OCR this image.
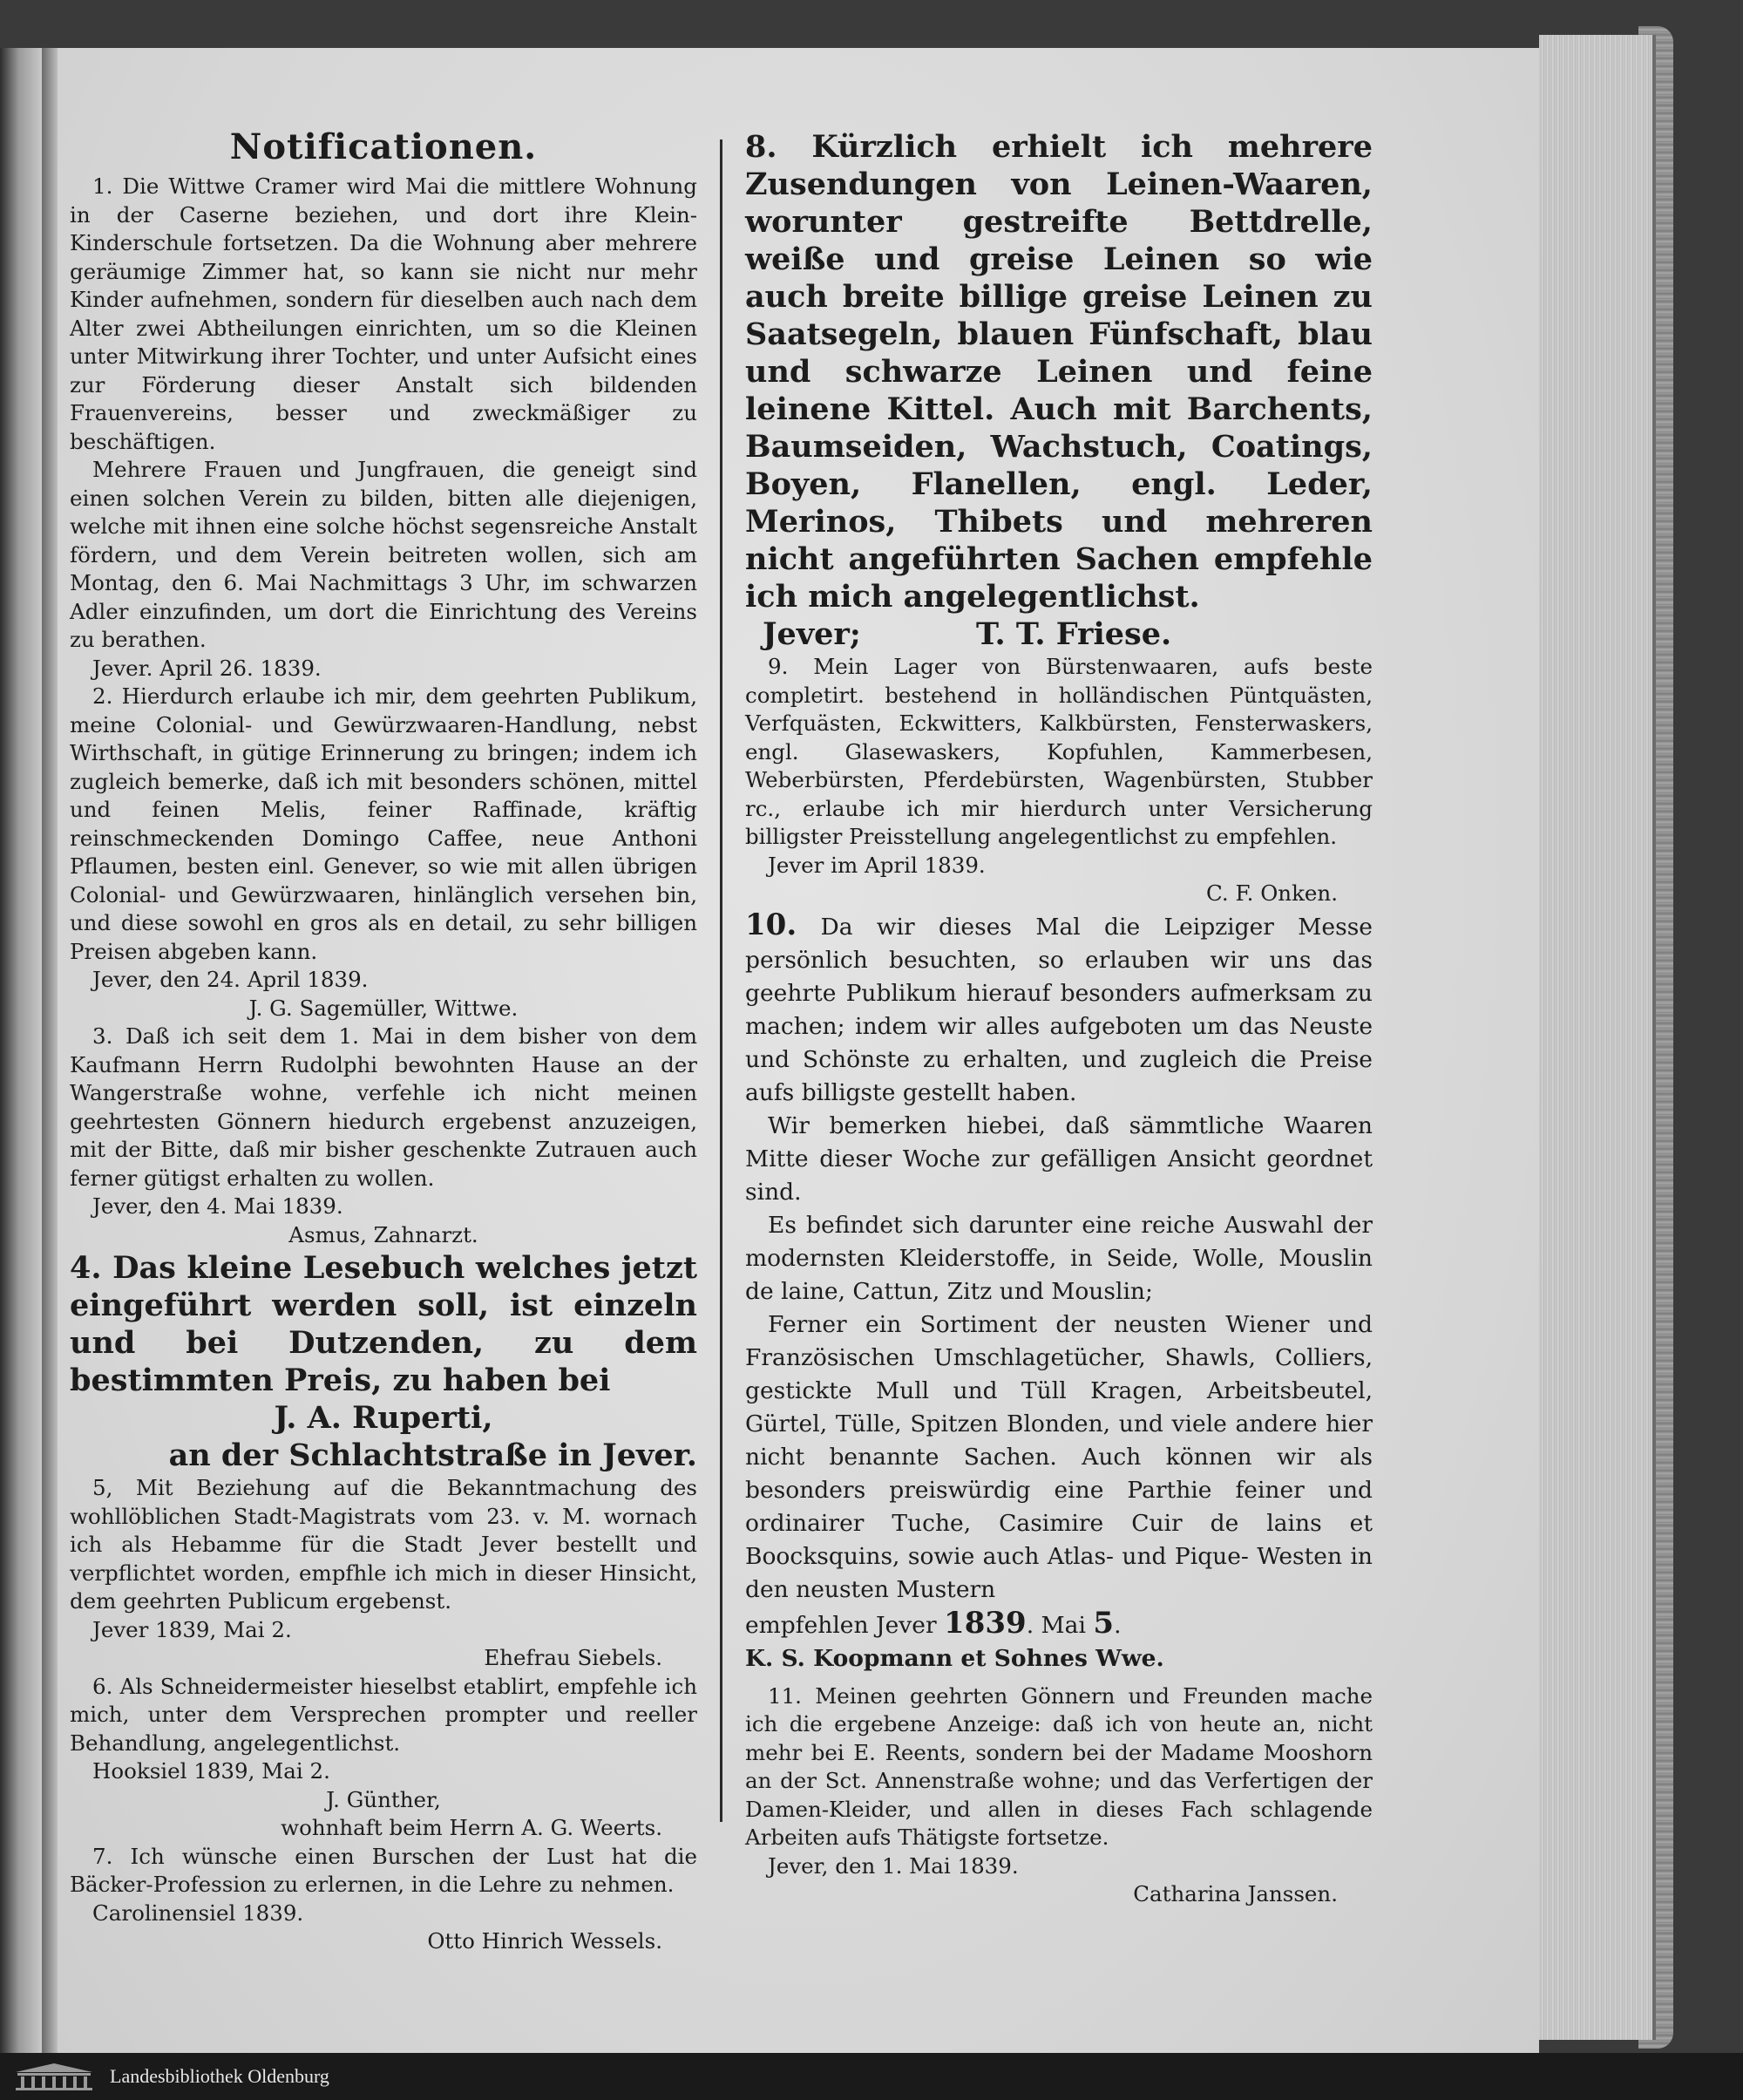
Notificationen.

1. Die Wittwe Cramer wird Mai die mittlere Wohnung in der Caserne beziehen, und dort ihre Klein-Kinderschule fortsetzen. Da die Wohnung aber mehrere geräumige Zimmer hat, so kann sie nicht nur mehr Kinder aufnehmen, sondern für dieselben auch nach dem Alter zwei Abtheilungen einrichten, um so die Kleinen unter Mitwirkung ihrer Tochter, und unter Aufsicht eines zur Förderung dieser Anstalt sich bildenden Frauenvereins, besser und zweckmäßiger zu beschäftigen.

Mehrere Frauen und Jungfrauen, die geneigt sind einen solchen Verein zu bilden, bitten alle diejenigen, welche mit ihnen eine solche höchst segensreiche Anstalt fördern, und dem Verein beitreten wollen, sich am Montag, den 6. Mai Nachmittags 3 Uhr, im schwarzen Adler einzufinden, um dort die Einrichtung des Vereins zu berathen.

Jever. April 26. 1839.

2. Hierdurch erlaube ich mir, dem geehrten Publikum, meine Colonial- und Gewürzwaaren-Handlung, nebst Wirthschaft, in gütige Erinnerung zu bringen; indem ich zugleich bemerke, daß ich mit besonders schönen, mittel und feinen Melis, feiner Raffinade, kräftig reinschmeckenden Domingo Caffee, neue Anthoni Pflaumen, besten einl. Genever, so wie mit allen übrigen Colonial- und Gewürzwaaren, hinlänglich versehen bin, und diese sowohl en gros als en detail, zu sehr billigen Preisen abgeben kann.

Jever, den 24. April 1839.

J. G. Sagemüller, Wittwe.

3. Daß ich seit dem 1. Mai in dem bisher von dem Kaufmann Herrn Rudolphi bewohnten Hause an der Wangerstraße wohne, verfehle ich nicht meinen geehrtesten Gönnern hiedurch ergebenst anzuzeigen, mit der Bitte, daß mir bisher geschenkte Zutrauen auch ferner gütigst erhalten zu wollen.

Jever, den 4. Mai 1839.

Asmus, Zahnarzt.

4. Das kleine Lesebuch welches jetzt eingeführt werden soll, ist einzeln und bei Dutzenden, zu dem bestimmten Preis, zu haben bei

J. A. Ruperti,

an der Schlachtstraße in Jever.

5, Mit Beziehung auf die Bekanntmachung des wohllöblichen Stadt-Magistrats vom 23. v. M. wornach ich als Hebamme für die Stadt Jever bestellt und verpflichtet worden, empfhle ich mich in dieser Hinsicht, dem geehrten Publicum ergebenst.

Jever 1839, Mai 2.

Ehefrau Siebels.

6. Als Schneidermeister hieselbst etablirt, empfehle ich mich, unter dem Versprechen prompter und reeller Behandlung, angelegentlichst.

Hooksiel 1839, Mai 2.

J. Günther,

wohnhaft beim Herrn A. G. Weerts.

7. Ich wünsche einen Burschen der Lust hat die Bäcker-Profession zu erlernen, in die Lehre zu nehmen.

Carolinensiel 1839.

Otto Hinrich Wessels.

8. Kürzlich erhielt ich mehrere Zusendungen von Leinen-Waaren, worunter gestreifte Bettdrelle, weiße und greise Leinen so wie auch breite billige greise Leinen zu Saatsegeln, blauen Fünfschaft, blau und schwarze Leinen und feine leinene Kittel. Auch mit Barchents, Baumseiden, Wachstuch, Coatings, Boyen, Flanellen, engl. Leder, Merinos, Thibets und mehreren nicht angeführten Sachen empfehle ich mich angelegentlichst.

Jever;	T. T. Friese.

9. Mein Lager von Bürstenwaaren, aufs beste completirt. bestehend in holländischen Püntquästen, Verfquästen, Eckwitters, Kalkbürsten, Fensterwaskers, engl. Glasewaskers, Kopfuhlen, Kammerbesen, Weberbürsten, Pferdebürsten, Wagenbürsten, Stubber rc., erlaube ich mir hierdurch unter Versicherung billigster Preisstellung angelegentlichst zu empfehlen.

Jever im April 1839.

C. F. Onken.

10. Da wir dieses Mal die Leipziger Messe persönlich besuchten, so erlauben wir uns das geehrte Publikum hierauf besonders aufmerksam zu machen; indem wir alles aufgeboten um das Neuste und Schönste zu erhalten, und zugleich die Preise aufs billigste gestellt haben.

Wir bemerken hiebei, daß sämmtliche Waaren Mitte dieser Woche zur gefälligen Ansicht geordnet sind.

Es befindet sich darunter eine reiche Auswahl der modernsten Kleiderstoffe, in Seide, Wolle, Mouslin de laine, Cattun, Zitz und Mouslin;

Ferner ein Sortiment der neusten Wiener und Französischen Umschlagetücher, Shawls, Colliers, gestickte Mull und Tüll Kragen, Arbeitsbeutel, Gürtel, Tülle, Spitzen Blonden, und viele andere hier nicht benannte Sachen. Auch können wir als besonders preiswürdig eine Parthie feiner und ordinairer Tuche, Casimire Cuir de lains et Boocksquins, sowie auch Atlas- und Pique- Westen in den neusten Mustern

empfehlen Jever 1839. Mai 5.

K. S. Koopmann et Sohnes Wwe.

11. Meinen geehrten Gönnern und Freunden mache ich die ergebene Anzeige: daß ich von heute an, nicht mehr bei E. Reents, sondern bei der Madame Mooshorn an der Sct. Annenstraße wohne; und das Verfertigen der Damen-Kleider, und allen in dieses Fach schlagende Arbeiten aufs Thätigste fortsetze.

Jever, den 1. Mai 1839.

Catharina Janssen.

Landesbibliothek Oldenburg
